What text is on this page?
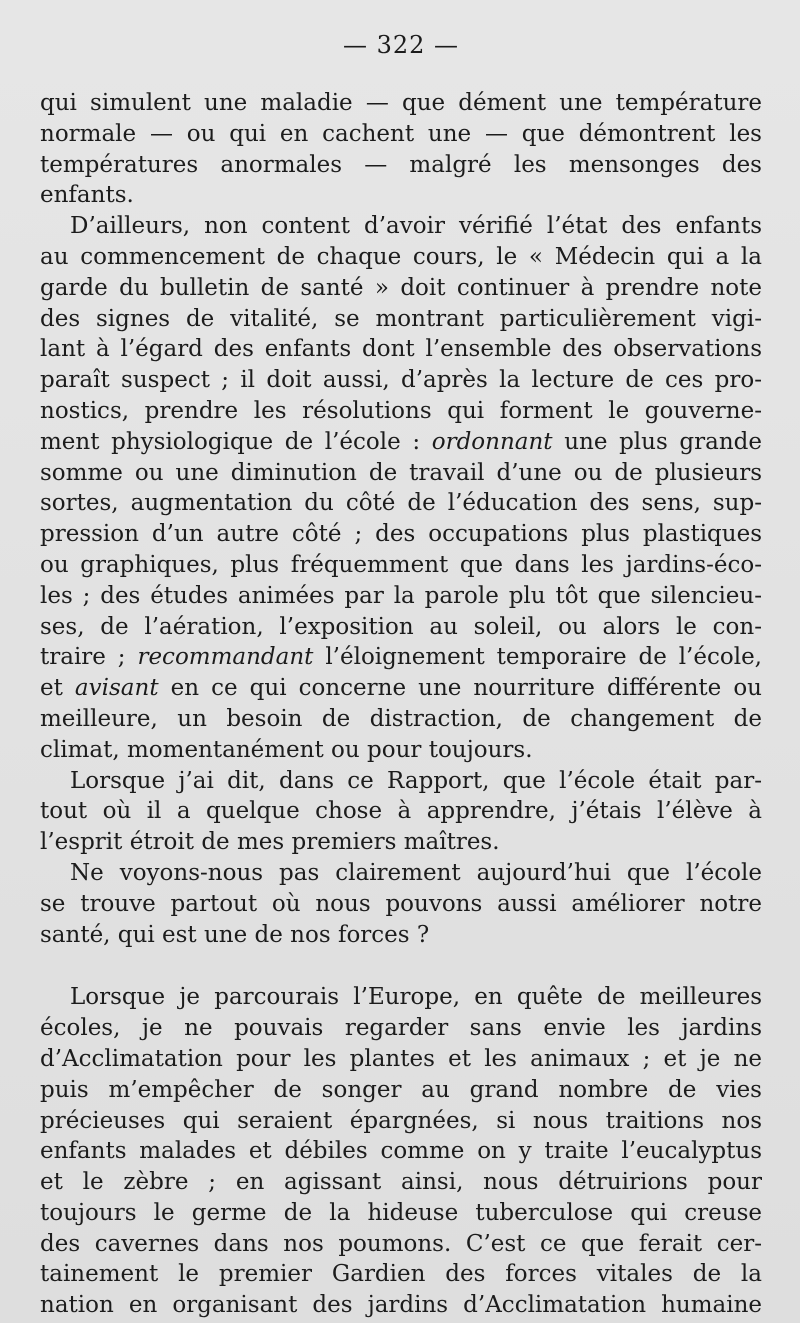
— 322 —
qui simulent une maladie — que dément une température
normale — ou qui en cachent une — que démontrent les
températures anormales — malgré les mensonges des
enfants.
D’ailleurs, non content d’avoir vérifié l’état des enfants
au commencement de chaque cours, le « Médecin qui a la
garde du bulletin de santé » doit continuer à prendre note
des signes de vitalité, se montrant particulièrement vigi-
lant à l’égard des enfants dont l’ensemble des observations
paraît suspect ; il doit aussi, d’après la lecture de ces pro-
nostics, prendre les résolutions qui forment le gouverne-
ment physiologique de l’école : ordonnant une plus grande
somme ou une diminution de travail d’une ou de plusieurs
sortes, augmentation du côté de l’éducation des sens, sup-
pression d’un autre côté ; des occupations plus plastiques
ou graphiques, plus fréquemment que dans les jardins-éco-
les ; des études animées par la parole plu tôt que silencieu-
ses, de l’aération, l’exposition au soleil, ou alors le con-
traire ; recommandant l’éloignement temporaire de l’école,
et avisant en ce qui concerne une nourriture différente ou
meilleure, un besoin de distraction, de changement de
climat, momentanément ou pour toujours.
Lorsque j’ai dit, dans ce Rapport, que l’école était par-
tout où il a quelque chose à apprendre, j’étais l’élève à
l’esprit étroit de mes premiers maîtres.
Ne voyons-nous pas clairement aujourd’hui que l’école
se trouve partout où nous pouvons aussi améliorer notre
santé, qui est une de nos forces ?
Lorsque je parcourais l’Europe, en quête de meilleures
écoles, je ne pouvais regarder sans envie les jardins
d’Acclimatation pour les plantes et les animaux ; et je ne
puis m’empêcher de songer au grand nombre de vies
précieuses qui seraient épargnées, si nous traitions nos
enfants malades et débiles comme on y traite l’eucalyptus
et le zèbre ; en agissant ainsi, nous détruirions pour
toujours le germe de la hideuse tuberculose qui creuse
des cavernes dans nos poumons. C’est ce que ferait cer-
tainement le premier Gardien des forces vitales de la
nation en organisant des jardins d’Acclimatation humaine
